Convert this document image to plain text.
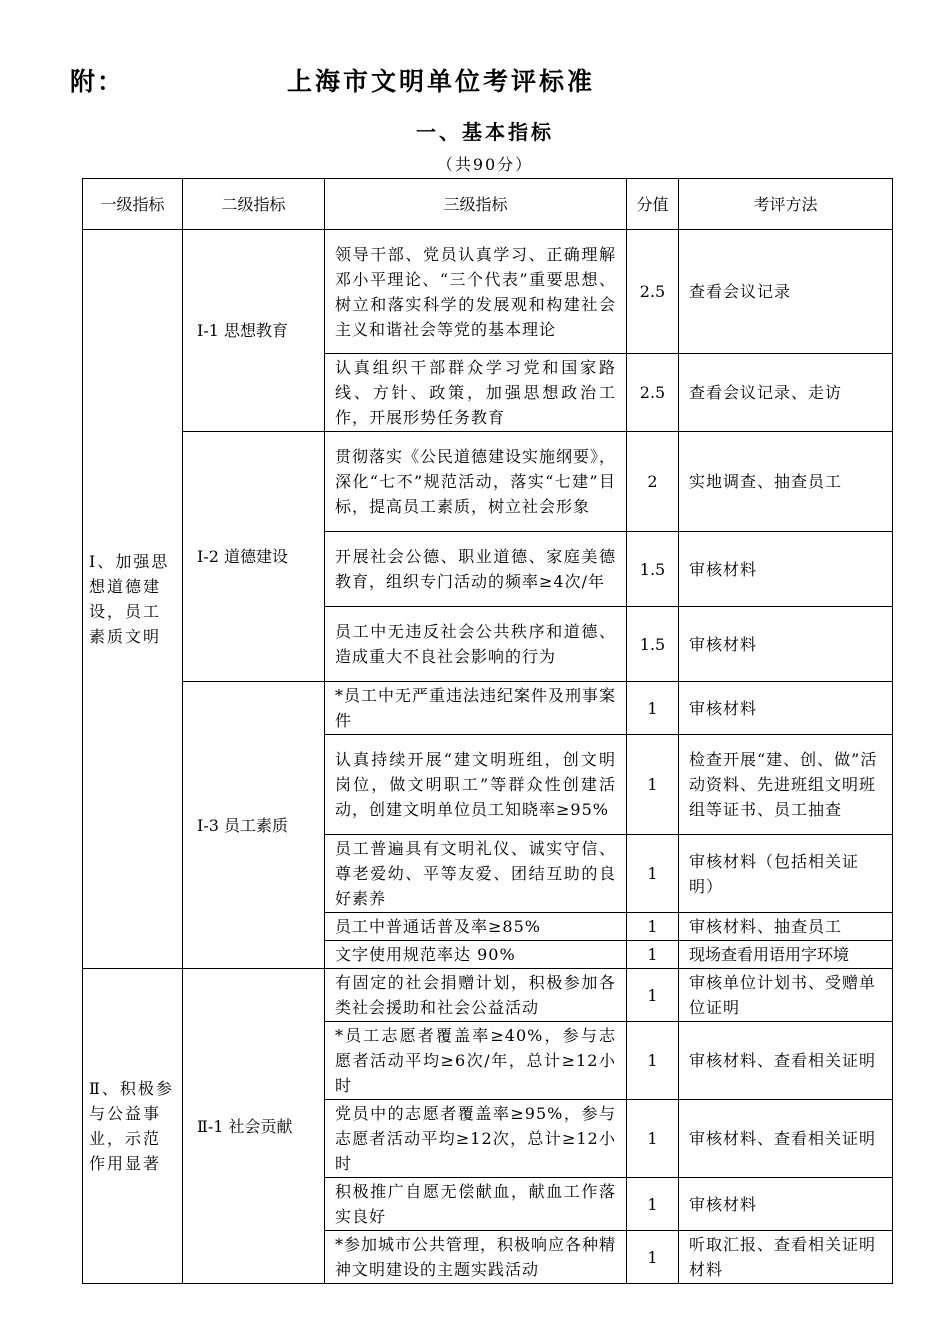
附：	上海市文明单位考评标准
一、基本指标
（共90分）
一级指标	二级指标	三级指标	分值	考评方法
Ⅰ、加强思想道德建设，员工素质文明	Ⅰ-1 思想教育	领导干部、党员认真学习、正确理解邓小平理论、“三个代表”重要思想、树立和落实科学的发展观和构建社会主义和谐社会等党的基本理论	2.5	查看会议记录
		认真组织干部群众学习党和国家路线、方针、政策，加强思想政治工作，开展形势任务教育	2.5	查看会议记录、走访
	Ⅰ-2 道德建设	贯彻落实《公民道德建设实施纲要》，深化“七不”规范活动，落实“七建”目标，提高员工素质，树立社会形象	2	实地调查、抽查员工
		开展社会公德、职业道德、家庭美德教育，组织专门活动的频率≥4次/年	1.5	审核材料
		员工中无违反社会公共秩序和道德、造成重大不良社会影响的行为	1.5	审核材料
	Ⅰ-3 员工素质	*员工中无严重违法违纪案件及刑事案件	1	审核材料
		认真持续开展“建文明班组，创文明岗位，做文明职工”等群众性创建活动，创建文明单位员工知晓率≥95%	1	检查开展“建、创、做”活动资料、先进班组文明班组等证书、员工抽查
		员工普遍具有文明礼仪、诚实守信、尊老爱幼、平等友爱、团结互助的良好素养	1	审核材料（包括相关证明）
		员工中普通话普及率≥85%	1	审核材料、抽查员工
		文字使用规范率达 90%	1	现场查看用语用字环境
Ⅱ、积极参与公益事业，示范作用显著	Ⅱ-1 社会贡献	有固定的社会捐赠计划，积极参加各类社会援助和社会公益活动	1	审核单位计划书、受赠单位证明
		*员工志愿者覆盖率≥40%，参与志愿者活动平均≥6次/年，总计≥12小时	1	审核材料、查看相关证明
		党员中的志愿者覆盖率≥95%，参与志愿者活动平均≥12次，总计≥12小时	1	审核材料、查看相关证明
		积极推广自愿无偿献血，献血工作落实良好	1	审核材料
		*参加城市公共管理，积极响应各种精神文明建设的主题实践活动	1	听取汇报、查看相关证明材料
